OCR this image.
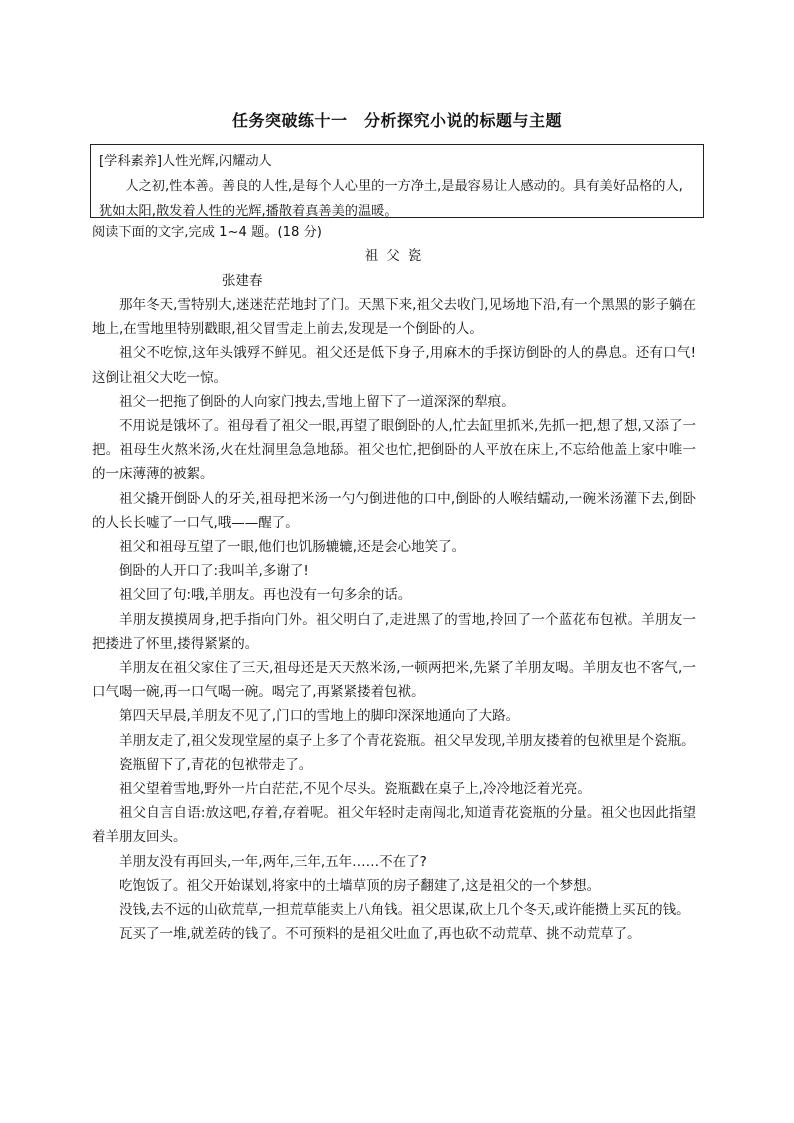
任务突破练十一　分析探究小说的标题与主题
[学科素养]人性光辉,闪耀动人
人之初,性本善。善良的人性,是每个人心里的一方净土,是最容易让人感动的。具有美好品格的人,犹如太阳,散发着人性的光辉,播散着真善美的温暖。
阅读下面的文字,完成 1~4 题。(18 分)
祖父瓷
张建春

那年冬天,雪特别大,迷迷茫茫地封了门。天黑下来,祖父去收门,见场地下沿,有一个黑黑的影子躺在地上,在雪地里特别戳眼,祖父冒雪走上前去,发现是一个倒卧的人。

祖父不吃惊,这年头饿殍不鲜见。祖父还是低下身子,用麻木的手探访倒卧的人的鼻息。还有口气!这倒让祖父大吃一惊。

祖父一把拖了倒卧的人向家门拽去,雪地上留下了一道深深的犁痕。

不用说是饿坏了。祖母看了祖父一眼,再望了眼倒卧的人,忙去缸里抓米,先抓一把,想了想,又添了一把。祖母生火熬米汤,火在灶洞里急急地舔。祖父也忙,把倒卧的人平放在床上,不忘给他盖上家中唯一的一床薄薄的被絮。

祖父撬开倒卧人的牙关,祖母把米汤一勺勺倒进他的口中,倒卧的人喉结蠕动,一碗米汤灌下去,倒卧的人长长嘘了一口气,哦——醒了。

祖父和祖母互望了一眼,他们也饥肠辘辘,还是会心地笑了。

倒卧的人开口了:我叫羊,多谢了!

祖父回了句:哦,羊朋友。再也没有一句多余的话。

羊朋友摸摸周身,把手指向门外。祖父明白了,走进黑了的雪地,拎回了一个蓝花布包袱。羊朋友一把搂进了怀里,搂得紧紧的。

羊朋友在祖父家住了三天,祖母还是天天熬米汤,一顿两把米,先紧了羊朋友喝。羊朋友也不客气,一口气喝一碗,再一口气喝一碗。喝完了,再紧紧搂着包袱。

第四天早晨,羊朋友不见了,门口的雪地上的脚印深深地通向了大路。

羊朋友走了,祖父发现堂屋的桌子上多了个青花瓷瓶。祖父早发现,羊朋友搂着的包袱里是个瓷瓶。

瓷瓶留下了,青花的包袱带走了。

祖父望着雪地,野外一片白茫茫,不见个尽头。瓷瓶戳在桌子上,冷冷地泛着光亮。

祖父自言自语:放这吧,存着,存着呢。祖父年轻时走南闯北,知道青花瓷瓶的分量。祖父也因此指望着羊朋友回头。

羊朋友没有再回头,一年,两年,三年,五年……不在了?

吃饱饭了。祖父开始谋划,将家中的土墙草顶的房子翻建了,这是祖父的一个梦想。

没钱,去不远的山砍荒草,一担荒草能卖上八角钱。祖父思谋,砍上几个冬天,或许能攒上买瓦的钱。

瓦买了一堆,就差砖的钱了。不可预料的是祖父吐血了,再也砍不动荒草、挑不动荒草了。
